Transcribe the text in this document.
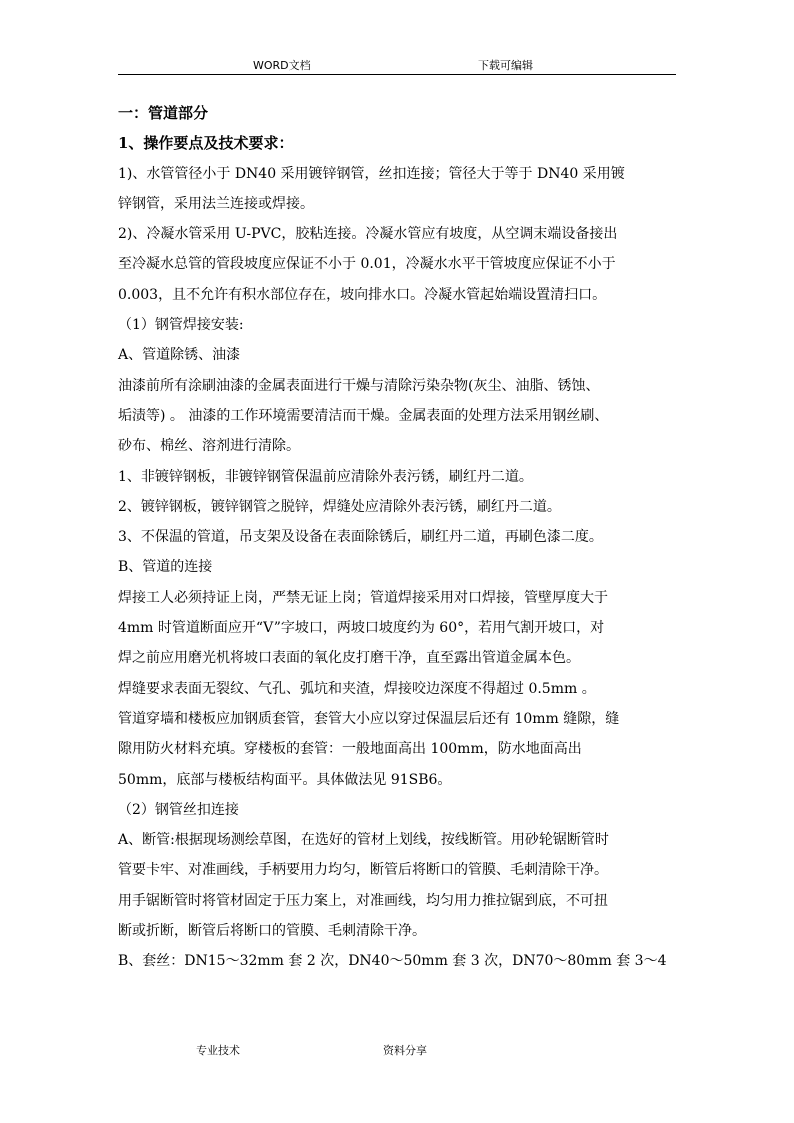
WORD文档	下载可编辑
一：管道部分
1、操作要点及技术要求：
1)、水管管径小于 DN40 采用镀锌钢管，丝扣连接；管径大于等于 DN40 采用镀
锌钢管，采用法兰连接或焊接。
2)、冷凝水管采用 U-PVC，胶粘连接。冷凝水管应有坡度，从空调末端设备接出
至冷凝水总管的管段坡度应保证不小于 0.01，冷凝水水平干管坡度应保证不小于
0.003，且不允许有积水部位存在，坡向排水口。冷凝水管起始端设置清扫口。
（1）钢管焊接安装:
A、管道除锈、油漆
油漆前所有涂刷油漆的金属表面进行干燥与清除污染杂物(灰尘、油脂、锈蚀、
垢渍等) 。 油漆的工作环境需要清洁而干燥。金属表面的处理方法采用钢丝刷、
砂布、棉丝、溶剂进行清除。
1、非镀锌钢板，非镀锌钢管保温前应清除外表污锈，刷红丹二道。
2、镀锌钢板，镀锌钢管之脱锌，焊缝处应清除外表污锈，刷红丹二道。
3、不保温的管道，吊支架及设备在表面除锈后，刷红丹二道，再刷色漆二度。
B、管道的连接
焊接工人必须持证上岗，严禁无证上岗；管道焊接采用对口焊接，管壁厚度大于
4mm 时管道断面应开“V”字坡口，两坡口坡度约为 60°，若用气割开坡口，对
焊之前应用磨光机将坡口表面的氧化皮打磨干净，直至露出管道金属本色。
焊缝要求表面无裂纹、气孔、弧坑和夹渣，焊接咬边深度不得超过 0.5mm 。
管道穿墙和楼板应加钢质套管，套管大小应以穿过保温层后还有 10mm 缝隙，缝
隙用防火材料充填。穿楼板的套管：一般地面高出 100mm，防水地面高出
50mm，底部与楼板结构面平。具体做法见 91SB6。
（2）钢管丝扣连接
A、断管:根据现场测绘草图，在选好的管材上划线，按线断管。用砂轮锯断管时
管要卡牢、对准画线，手柄要用力均匀，断管后将断口的管膜、毛刺清除干净。
用手锯断管时将管材固定于压力案上，对准画线，均匀用力推拉锯到底，不可扭
断或折断，断管后将断口的管膜、毛刺清除干净。
B、套丝：DN15～32mm 套 2 次，DN40～50mm 套 3 次，DN70～80mm 套 3～4
专业技术	资料分享
